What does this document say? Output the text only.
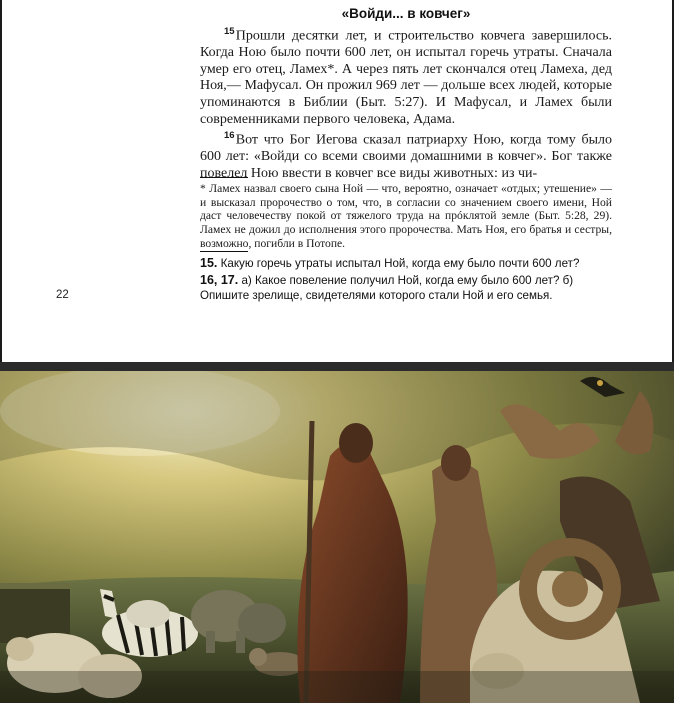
«Войди... в ковчег»

$^{15}$ Прошли десятки лет, и строительство ковчега завершилось. Когда Ною было почти 600 лет, он испытал горечь утраты. Сначала умер его отец, Ламех*. А через пять лет скончался отец Ламеха, дед Ноя,— Мафусал. Он прожил 969 лет — дольше всех людей, которые упоминаются в Библии (Быт. 5:27). И Мафусал, и Ламех были современниками первого человека, Адама.

$^{16}$ Вот что Бог Иегова сказал патриарху Ною, когда тому было 600 лет: «Войди со всеми своими домашними в ковчег». Бог также повелел Ною ввести в ковчег все виды животных: из чи-

* Ламех назвал своего сына Ной — что, вероятно, означает «отдых; утешение» — и высказал пророчество о том, что, в согласии со значением своего имени, Ной даст человечеству покой от тяжелого труда на прóклятой земле (Быт. 5:28, 29). Ламех не дожил до исполнения этого пророчества. Мать Ноя, его братья и сестры, возможно, погибли в Потопе.

15. Какую горечь утраты испытал Ной, когда ему было почти 600 лет?

16, 17. а) Какое повеление получил Ной, когда ему было 600 лет? б) Опишите зрелище, свидетелями которого стали Ной и его семья.

22
